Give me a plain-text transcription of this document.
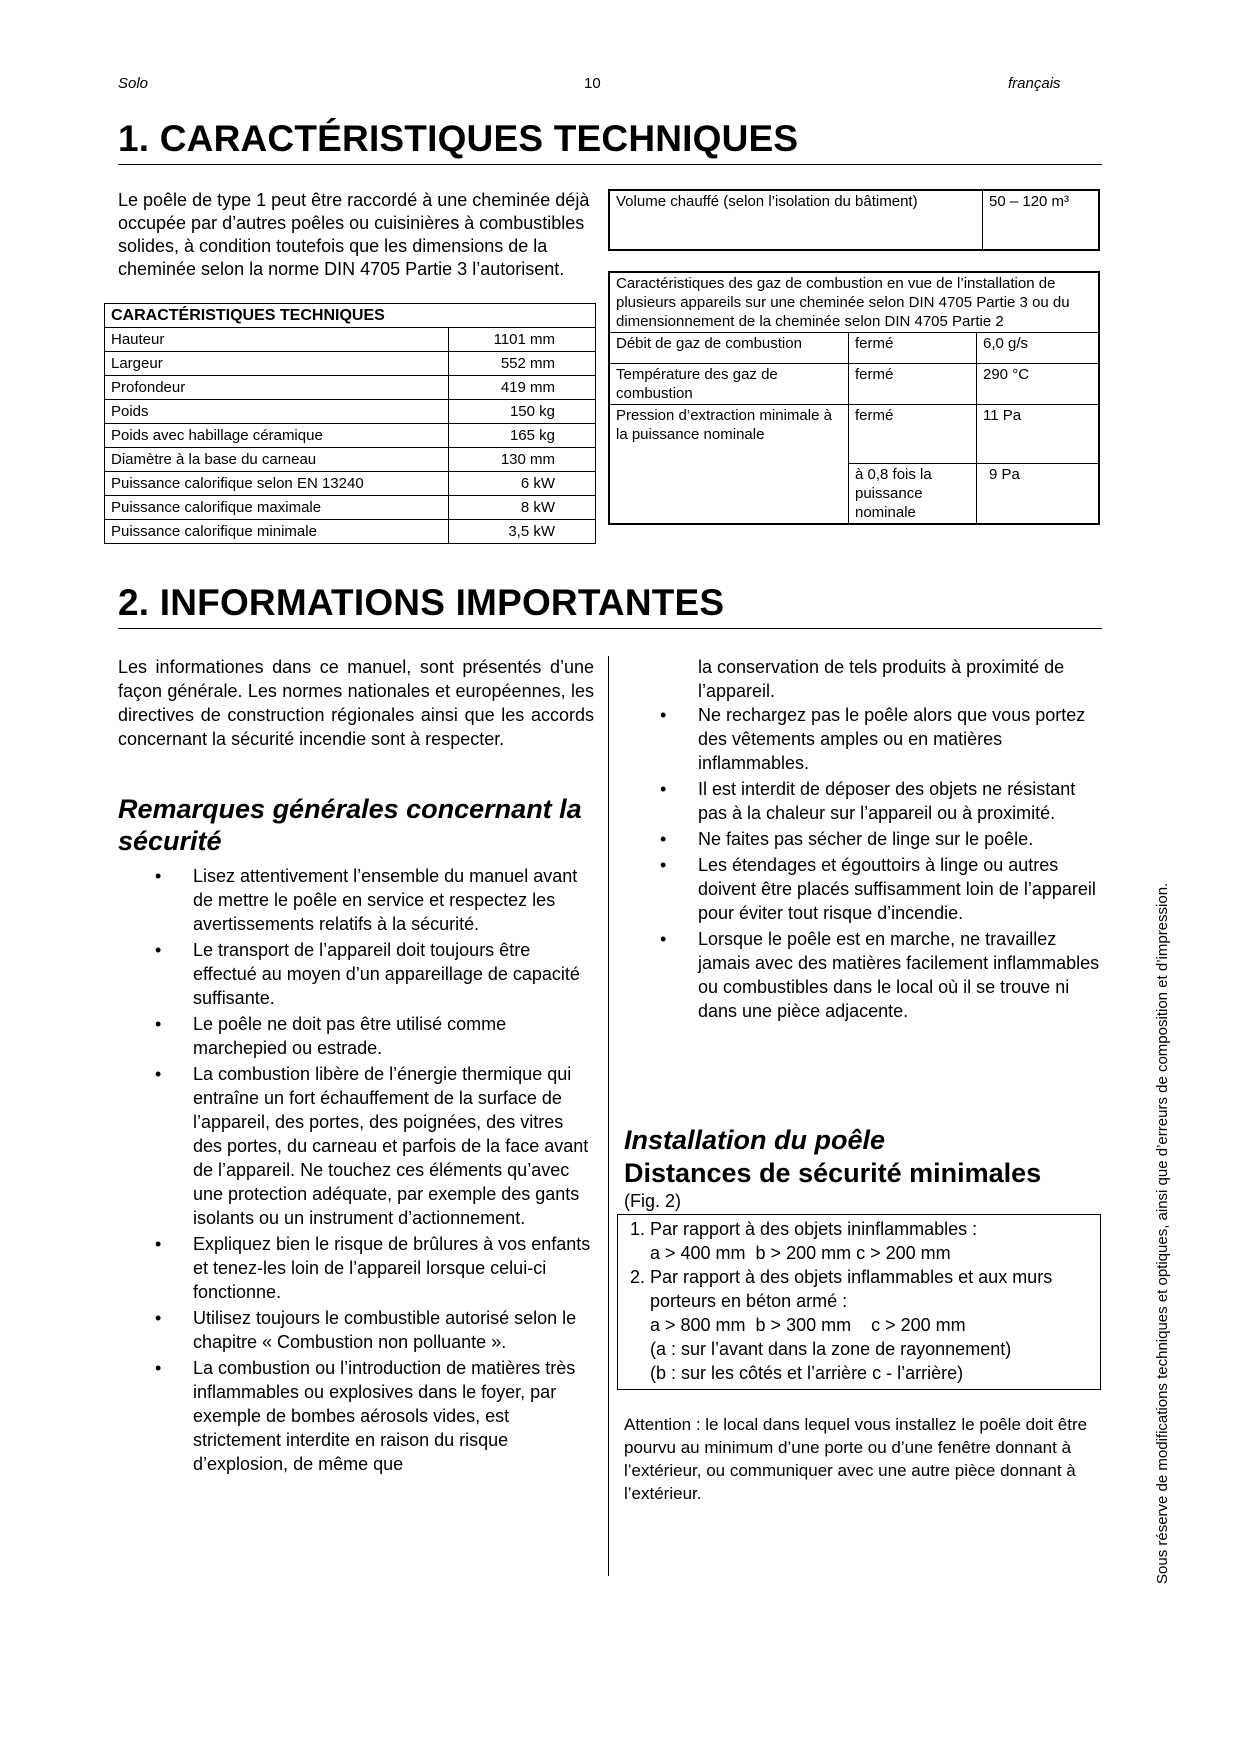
Solo	10	français
1. CARACTÉRISTIQUES TECHNIQUES

Le poêle de type 1 peut être raccordé à une cheminée déjà occupée par d’autres poêles ou cuisinières à combustibles solides, à condition toutefois que les dimensions de la cheminée selon la norme DIN 4705 Partie 3 l’autorisent.

CARACTÉRISTIQUES TECHNIQUES	
Hauteur	1101 mm
Largeur	552 mm
Profondeur	419 mm
Poids	150 kg
Poids avec habillage céramique	165 kg
Diamètre à la base du carneau	130 mm
Puissance calorifique selon EN 13240	6 kW
Puissance calorifique maximale	8 kW
Puissance calorifique minimale	3,5 kW
Volume chauffé (selon l’isolation du bâtiment)	50 – 120 m³
Caractéristiques des gaz de combustion en vue de l’installation de plusieurs appareils sur une cheminée selon DIN 4705 Partie 3 ou du dimensionnement de la cheminée selon DIN 4705 Partie 2		
Débit de gaz de combustion	fermé	6,0 g/s
Température des gaz de combustion	fermé	290 °C
Pression d’extraction minimale à la puissance nominale	fermé	11 Pa
	à 0,8 fois la puissance nominale	9 Pa
2. INFORMATIONS IMPORTANTES

Les informationes dans ce manuel, sont présentés d’une façon générale. Les normes nationales et européennes, les directives de construction régionales ainsi que les accords concernant la sécurité incendie sont à respecter.

Remarques générales concernant la sécurité
• Lisez attentivement l’ensemble du manuel avant de mettre le poêle en service et respectez les avertissements relatifs à la sécurité.
• Le transport de l’appareil doit toujours être effectué au moyen d’un appareillage de capacité suffisante.
• Le poêle ne doit pas être utilisé comme marchepied ou estrade.
• La combustion libère de l’énergie thermique qui entraîne un fort échauffement de la surface de l’appareil, des portes, des poignées, des vitres des portes, du carneau et parfois de la face avant de l’appareil. Ne touchez ces éléments qu’avec une protection adéquate, par exemple des gants isolants ou un instrument d’actionnement.
• Expliquez bien le risque de brûlures à vos enfants et tenez-les loin de l’appareil lorsque celui-ci fonctionne.
• Utilisez toujours le combustible autorisé selon le chapitre « Combustion non polluante ».
• La combustion ou l’introduction de matières très inflammables ou explosives dans le foyer, par exemple de bombes aérosols vides, est strictement interdite en raison du risque d’explosion, de même que

la conservation de tels produits à proximité de l’appareil.

• Ne rechargez pas le poêle alors que vous portez des vêtements amples ou en matières inflammables.
• Il est interdit de déposer des objets ne résistant pas à la chaleur sur l’appareil ou à proximité.
• Ne faites pas sécher de linge sur le poêle.
• Les étendages et égouttoirs à linge ou autres doivent être placés suffisamment loin de l’appareil pour éviter tout risque d’incendie.
• Lorsque le poêle est en marche, ne travaillez jamais avec des matières facilement inflammables ou combustibles dans le local où il se trouve ni dans une pièce adjacente.
Installation du poêle
Distances de sécurité minimales
(Fig. 2)
1. Par rapport à des objets ininflammables :
a > 400 mm  b > 200 mm c > 200 mm
2. Par rapport à des objets inflammables et aux murs porteurs en béton armé :
a > 800 mm  b > 300 mm    c > 200 mm
(a : sur l’avant dans la zone de rayonnement)
(b : sur les côtés et l’arrière c - l’arrière)

Attention : le local dans lequel vous installez le poêle doit être pourvu au minimum d’une porte ou d’une fenêtre donnant à l’extérieur, ou communiquer avec une autre pièce donnant à l’extérieur.	Sous réserve de modifications techniques et optiques, ainsi que d’erreurs de composition et d’impression.
